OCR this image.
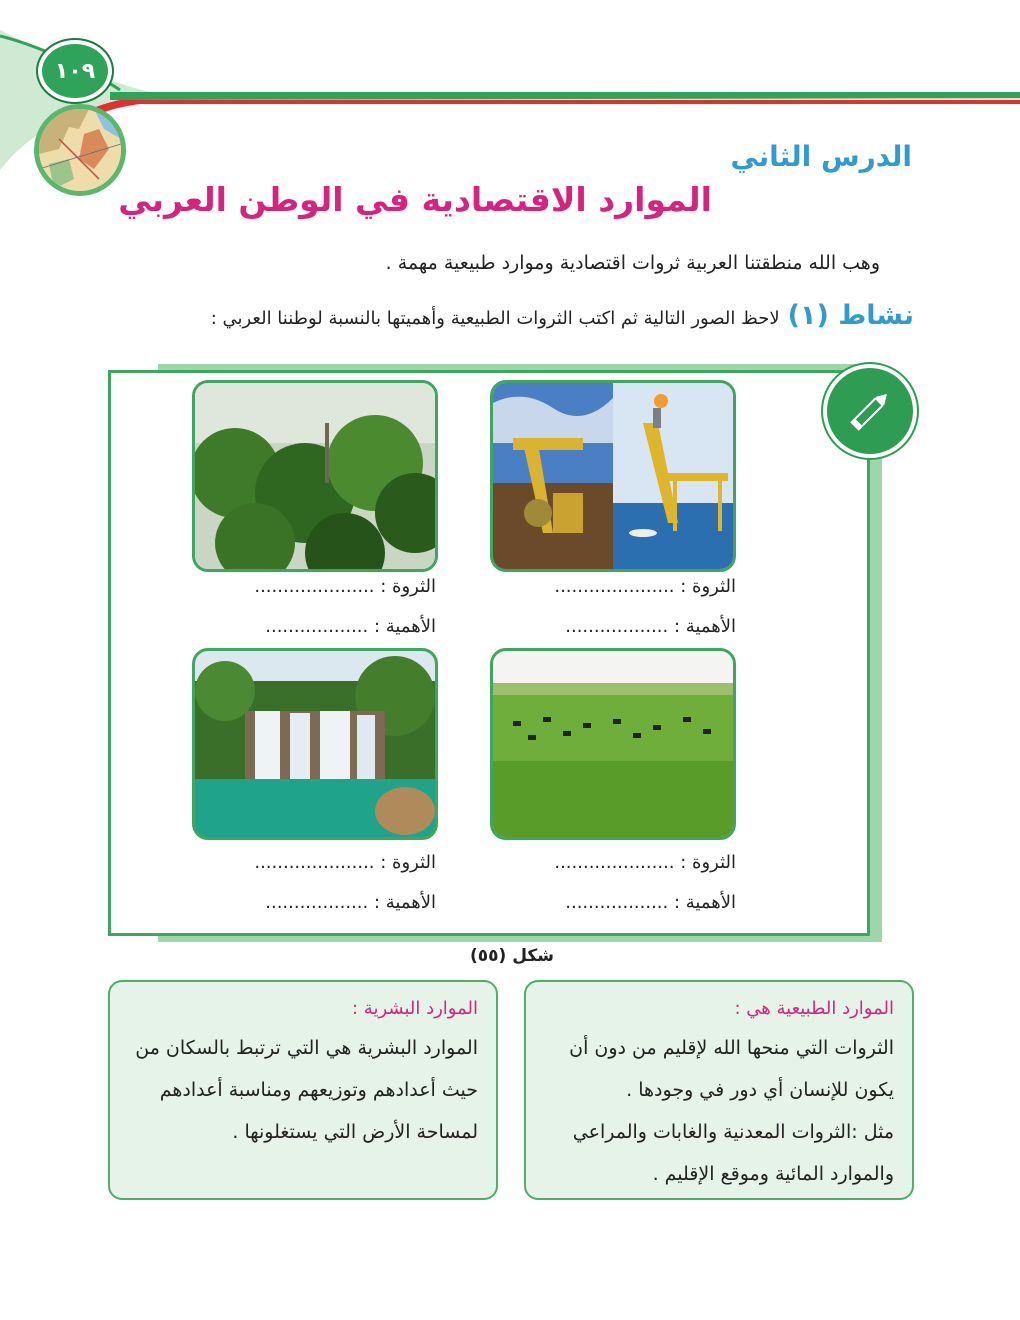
١٠٩
الدرس الثاني
الموارد الاقتصادية في الوطن العربي
وهب الله منطقتنا العربية ثروات اقتصادية وموارد طبيعية مهمة .
نشاط (١)
لاحظ الصور التالية ثم اكتب الثروات الطبيعية وأهميتها بالنسبة لوطننا العربي :
الثروة : .....................
الأهمية : ..................
الثروة : .....................
الأهمية : ..................
الثروة : .....................
الأهمية : ..................
الثروة : .....................
الأهمية : ..................
شكل (٥٥)
الموارد الطبيعية هي :

الثروات التي منحها الله لإقليم من دون أن يكون للإنسان أي دور في وجودها .

مثل :الثروات المعدنية والغابات والمراعي والموارد المائية وموقع الإقليم .

الموارد البشرية :

الموارد البشرية هي التي ترتبط بالسكان من حيث أعدادهم وتوزيعهم ومناسبة أعدادهم لمساحة الأرض التي يستغلونها .
